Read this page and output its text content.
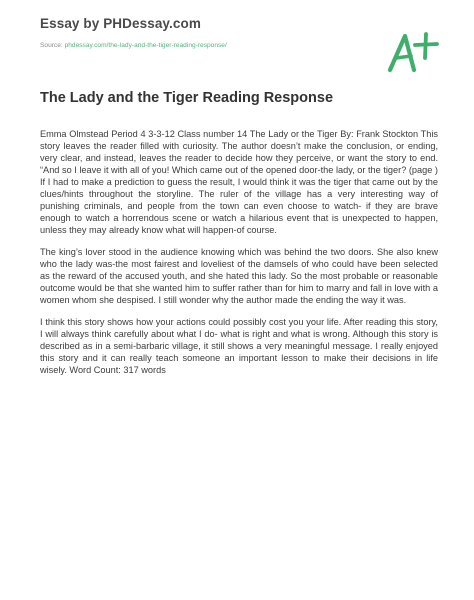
Essay by PHDessay.com
Source: phdessay.com/the-lady-and-the-tiger-reading-response/
The Lady and the Tiger Reading Response

Emma Olmstead Period 4 3-3-12 Class number 14 The Lady or the Tiger By: Frank Stockton This story leaves the reader filled with curiosity. The author doesn’t make the conclusion, or ending, very clear, and instead, leaves the reader to decide how they perceive, or want the story to end. “And so I leave it with all of you! Which came out of the opened door-the lady, or the tiger? (page ) If I had to make a prediction to guess the result, I would think it was the tiger that came out by the clues/hints throughout the storyline. The ruler of the village has a very interesting way of punishing criminals, and people from the town can even choose to watch- if they are brave enough to watch a horrendous scene or watch a hilarious event that is unexpected to happen, unless they may already know what will happen-of course.

The king’s lover stood in the audience knowing which was behind the two doors. She also knew who the lady was-the most fairest and loveliest of the damsels of who could have been selected as the reward of the accused youth, and she hated this lady. So the most probable or reasonable outcome would be that she wanted him to suffer rather than for him to marry and fall in love with a women whom she despised. I still wonder why the author made the ending the way it was.

I think this story shows how your actions could possibly cost you your life. After reading this story, I will always think carefully about what I do- what is right and what is wrong. Although this story is described as in a semi-barbaric village, it still shows a very meaningful message. I really enjoyed this story and it can really teach someone an important lesson to make their decisions in life wisely. Word Count: 317 words
